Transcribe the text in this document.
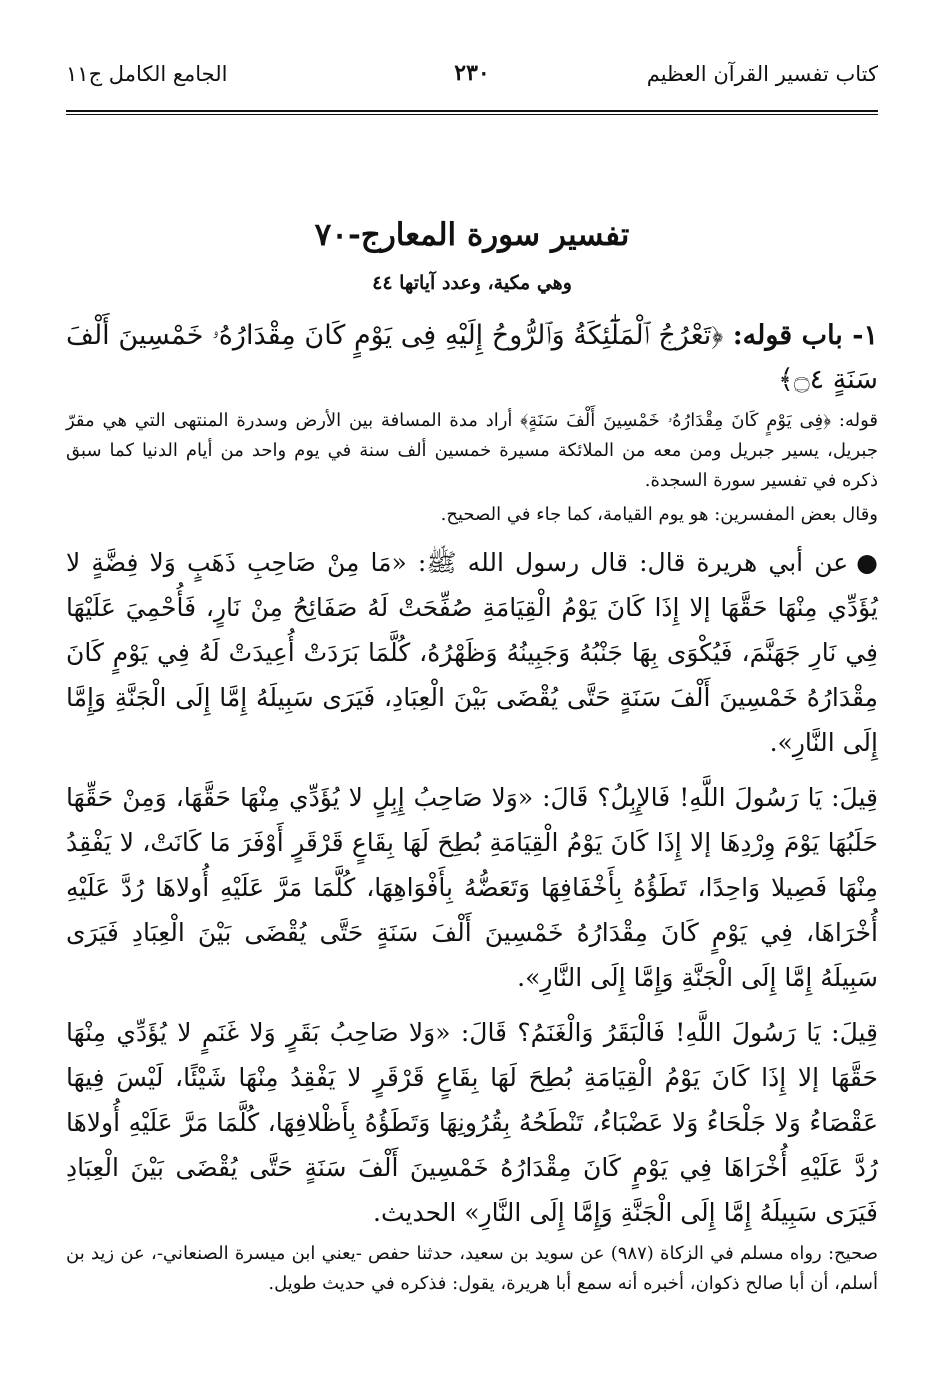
كتاب تفسير القرآن العظيم
٢٣٠
الجامع الكامل ج١١
تفسير سورة المعارج-٧٠

وهي مكية، وعدد آياتها ٤٤

١- باب قوله: ﴿تَعْرُجُ ٱلْمَلَٰٓئِكَةُ وَٱلرُّوحُ إِلَيْهِ فِى يَوْمٍ كَانَ مِقْدَارُهُۥ خَمْسِينَ أَلْفَ سَنَةٍ ۝٤﴾

قوله: ﴿فِى يَوْمٍ كَانَ مِقْدَارُهُۥ خَمْسِينَ أَلْفَ سَنَةٍ﴾ أراد مدة المسافة بين الأرض وسدرة المنتهى التي هي مقرّ جبريل، يسير جبريل ومن معه من الملائكة مسيرة خمسين ألف سنة في يوم واحد من أيام الدنيا كما سبق ذكره في تفسير سورة السجدة.

وقال بعض المفسرين: هو يوم القيامة، كما جاء في الصحيح.

●عن أبي هريرة قال: قال رسول الله ﷺ: «مَا مِنْ صَاحِبِ ذَهَبٍ وَلا فِضَّةٍ لا يُؤَدِّي مِنْهَا حَقَّهَا إلا إِذَا كَانَ يَوْمُ الْقِيَامَةِ صُفِّحَتْ لَهُ صَفَائِحُ مِنْ نَارٍ، فَأُحْمِيَ عَلَيْهَا فِي نَارِ جَهَنَّمَ، فَيُكْوَى بِهَا جَنْبُهُ وَجَبِينُهُ وَظَهْرُهُ، كُلَّمَا بَرَدَتْ أُعِيدَتْ لَهُ فِي يَوْمٍ كَانَ مِقْدَارُهُ خَمْسِينَ أَلْفَ سَنَةٍ حَتَّى يُقْضَى بَيْنَ الْعِبَادِ، فَيَرَى سَبِيلَهُ إِمَّا إِلَى الْجَنَّةِ وَإِمَّا إِلَى النَّارِ».

قِيلَ: يَا رَسُولَ اللَّهِ! فَالإِبِلُ؟ قَالَ: «وَلا صَاحِبُ إِبِلٍ لا يُؤَدِّي مِنْهَا حَقَّهَا، وَمِنْ حَقِّهَا حَلَبُهَا يَوْمَ وِرْدِهَا إلا إِذَا كَانَ يَوْمُ الْقِيَامَةِ بُطِحَ لَهَا بِقَاعٍ قَرْقَرٍ أَوْفَرَ مَا كَانَتْ، لا يَفْقِدُ مِنْهَا فَصِيلا وَاحِدًا، تَطَؤُهُ بِأَخْفَافِهَا وَتَعَضُّهُ بِأَفْوَاهِهَا، كُلَّمَا مَرَّ عَلَيْهِ أُولاهَا رُدَّ عَلَيْهِ أُخْرَاهَا، فِي يَوْمٍ كَانَ مِقْدَارُهُ خَمْسِينَ أَلْفَ سَنَةٍ حَتَّى يُقْضَى بَيْنَ الْعِبَادِ فَيَرَى سَبِيلَهُ إِمَّا إِلَى الْجَنَّةِ وَإِمَّا إِلَى النَّارِ».

قِيلَ: يَا رَسُولَ اللَّهِ! فَالْبَقَرُ وَالْغَنَمُ؟ قَالَ: «وَلا صَاحِبُ بَقَرٍ وَلا غَنَمٍ لا يُؤَدِّي مِنْهَا حَقَّهَا إلا إِذَا كَانَ يَوْمُ الْقِيَامَةِ بُطِحَ لَهَا بِقَاعٍ قَرْقَرٍ لا يَفْقِدُ مِنْهَا شَيْئًا، لَيْسَ فِيهَا عَقْصَاءُ وَلا جَلْحَاءُ وَلا عَضْبَاءُ، تَنْطَحُهُ بِقُرُونِهَا وَتَطَؤُهُ بِأَظْلافِهَا، كُلَّمَا مَرَّ عَلَيْهِ أُولاهَا رُدَّ عَلَيْهِ أُخْرَاهَا فِي يَوْمٍ كَانَ مِقْدَارُهُ خَمْسِينَ أَلْفَ سَنَةٍ حَتَّى يُقْضَى بَيْنَ الْعِبَادِ فَيَرَى سَبِيلَهُ إِمَّا إِلَى الْجَنَّةِ وَإِمَّا إِلَى النَّارِ» الحديث.

صحيح: رواه مسلم في الزكاة (٩٨٧) عن سويد بن سعيد، حدثنا حفص -يعني ابن ميسرة الصنعاني-، عن زيد بن أسلم، أن أبا صالح ذكوان، أخبره أنه سمع أبا هريرة، يقول: فذكره في حديث طويل.
